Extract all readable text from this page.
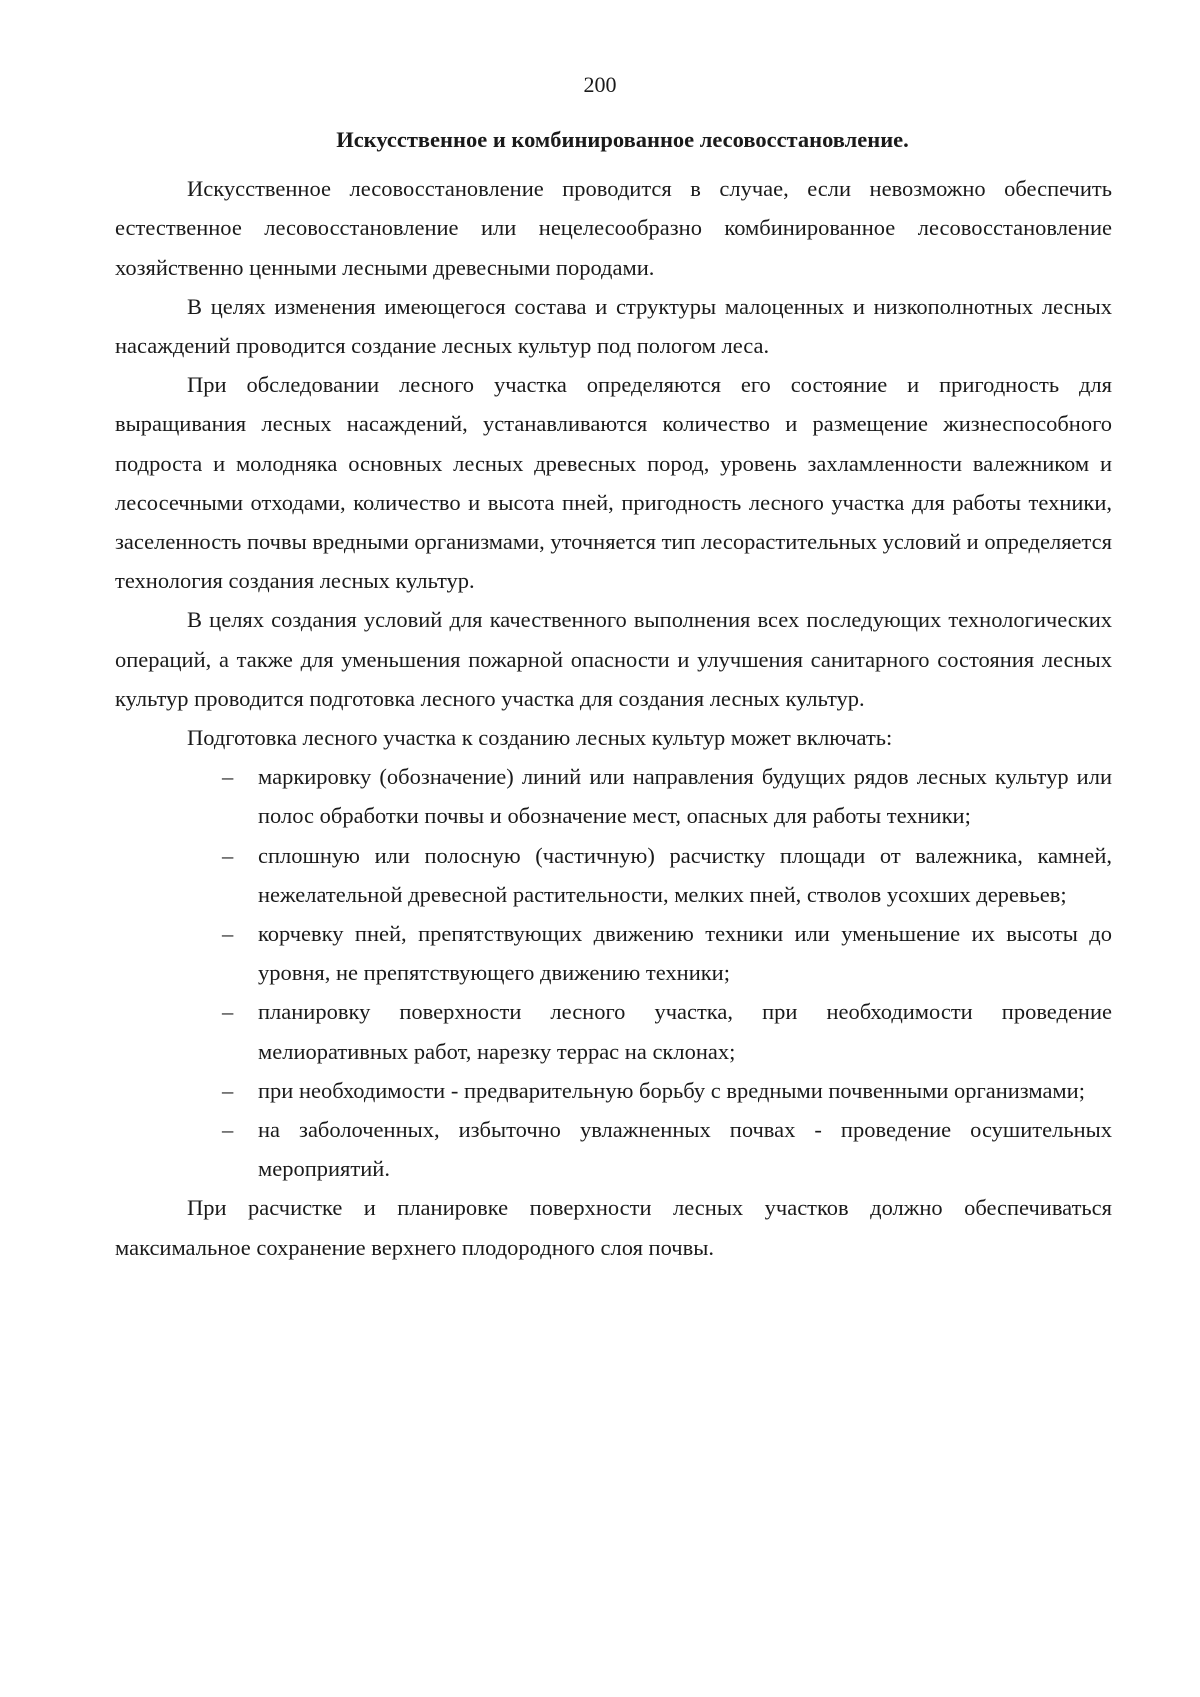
200
Искусственное и комбинированное лесовосстановление.

Искусственное лесовосстановление проводится в случае, если невозможно обеспечить естественное лесовосстановление или нецелесообразно комбинированное лесовосстановление хозяйственно ценными лесными древесными породами.

В целях изменения имеющегося состава и структуры малоценных и низкополнотных лесных насаждений проводится создание лесных культур под пологом леса.

При обследовании лесного участка определяются его состояние и пригодность для выращивания лесных насаждений, устанавливаются количество и размещение жизнеспособного подроста и молодняка основных лесных древесных пород, уровень захламленности валежником и лесосечными отходами, количество и высота пней, пригодность лесного участка для работы техники, заселенность почвы вредными организмами, уточняется тип лесорастительных условий и определяется технология создания лесных культур.

В целях создания условий для качественного выполнения всех последующих технологических операций, а также для уменьшения пожарной опасности и улучшения санитарного состояния лесных культур проводится подготовка лесного участка для создания лесных культур.

Подготовка лесного участка к созданию лесных культур может включать:

– маркировку (обозначение) линий или направления будущих рядов лесных культур или полос обработки почвы и обозначение мест, опасных для работы техники;
– сплошную или полосную (частичную) расчистку площади от валежника, камней, нежелательной древесной растительности, мелких пней, стволов усохших деревьев;
– корчевку пней, препятствующих движению техники или уменьшение их высоты до уровня, не препятствующего движению техники;
– планировку поверхности лесного участка, при необходимости проведение мелиоративных работ, нарезку террас на склонах;
– при необходимости - предварительную борьбу с вредными почвенными организмами;
– на заболоченных, избыточно увлажненных почвах - проведение осушительных мероприятий.

При расчистке и планировке поверхности лесных участков должно обеспечиваться максимальное сохранение верхнего плодородного слоя почвы.
